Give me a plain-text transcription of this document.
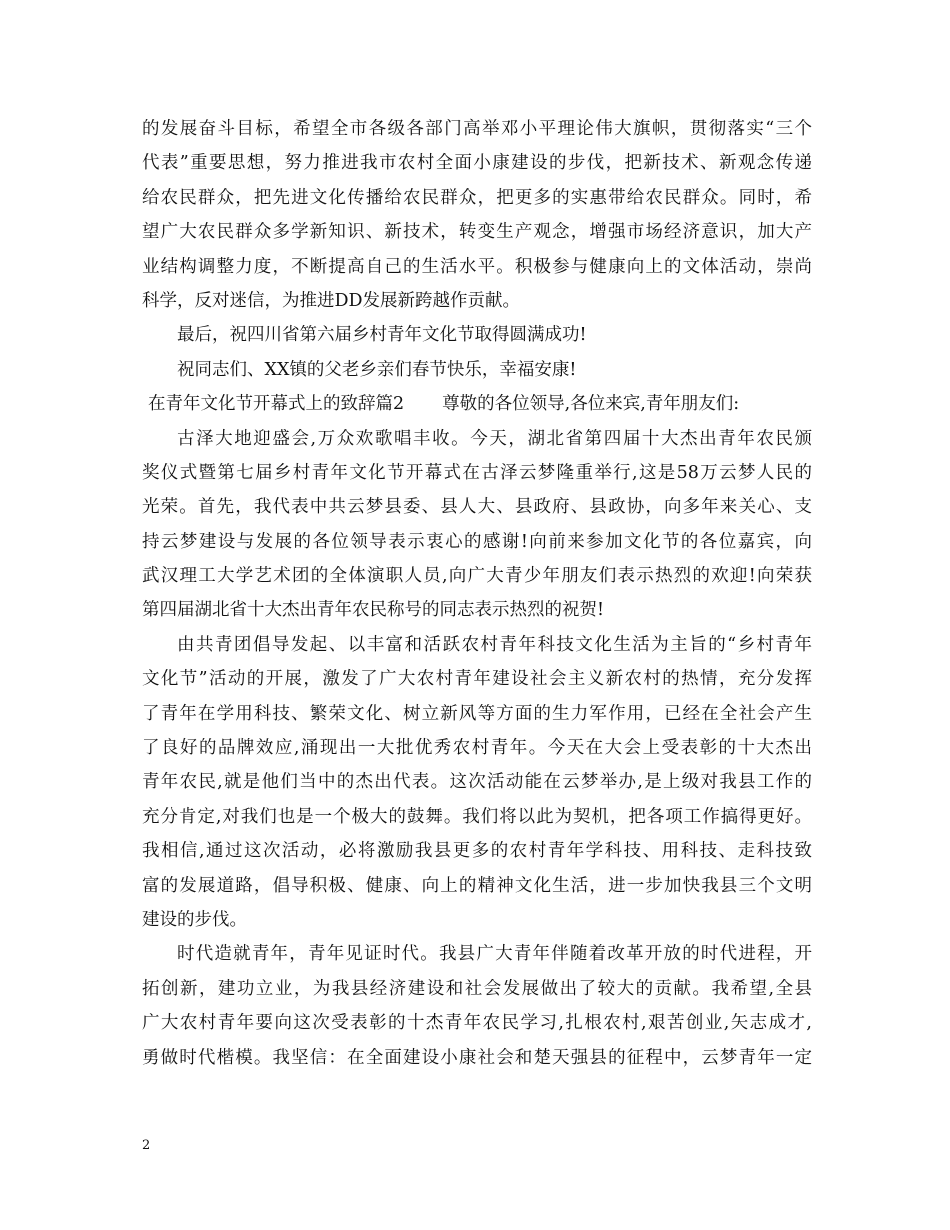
的发展奋斗目标，希望全市各级各部门高举邓小平理论伟大旗帜，贯彻落实“三个
代表”重要思想，努力推进我市农村全面小康建设的步伐，把新技术、新观念传递
给农民群众，把先进文化传播给农民群众，把更多的实惠带给农民群众。同时，希
望广大农民群众多学新知识、新技术，转变生产观念，增强市场经济意识，加大产
业结构调整力度，不断提高自己的生活水平。积极参与健康向上的文体活动，崇尚
科学，反对迷信，为推进DD发展新跨越作贡献。
最后，祝四川省第六届乡村青年文化节取得圆满成功!
祝同志们、XX镇的父老乡亲们春节快乐，幸福安康!
在青年文化节开幕式上的致辞篇2 尊敬的各位领导,各位来宾,青年朋友们:
古泽大地迎盛会,万众欢歌唱丰收。今天，湖北省第四届十大杰出青年农民颁
奖仪式暨第七届乡村青年文化节开幕式在古泽云梦隆重举行,这是58万云梦人民的
光荣。首先，我代表中共云梦县委、县人大、县政府、县政协，向多年来关心、支
持云梦建设与发展的各位领导表示衷心的感谢!向前来参加文化节的各位嘉宾，向
武汉理工大学艺术团的全体演职人员,向广大青少年朋友们表示热烈的欢迎!向荣获
第四届湖北省十大杰出青年农民称号的同志表示热烈的祝贺!
由共青团倡导发起、以丰富和活跃农村青年科技文化生活为主旨的“乡村青年
文化节”活动的开展，激发了广大农村青年建设社会主义新农村的热情，充分发挥
了青年在学用科技、繁荣文化、树立新风等方面的生力军作用，已经在全社会产生
了良好的品牌效应,涌现出一大批优秀农村青年。今天在大会上受表彰的十大杰出
青年农民,就是他们当中的杰出代表。这次活动能在云梦举办,是上级对我县工作的
充分肯定,对我们也是一个极大的鼓舞。我们将以此为契机，把各项工作搞得更好。
我相信,通过这次活动，必将激励我县更多的农村青年学科技、用科技、走科技致
富的发展道路，倡导积极、健康、向上的精神文化生活，进一步加快我县三个文明
建设的步伐。
时代造就青年，青年见证时代。我县广大青年伴随着改革开放的时代进程，开
拓创新，建功立业，为我县经济建设和社会发展做出了较大的贡献。我希望,全县
广大农村青年要向这次受表彰的十杰青年农民学习,扎根农村,艰苦创业,矢志成才,
勇做时代楷模。我坚信：在全面建设小康社会和楚天强县的征程中，云梦青年一定
2
